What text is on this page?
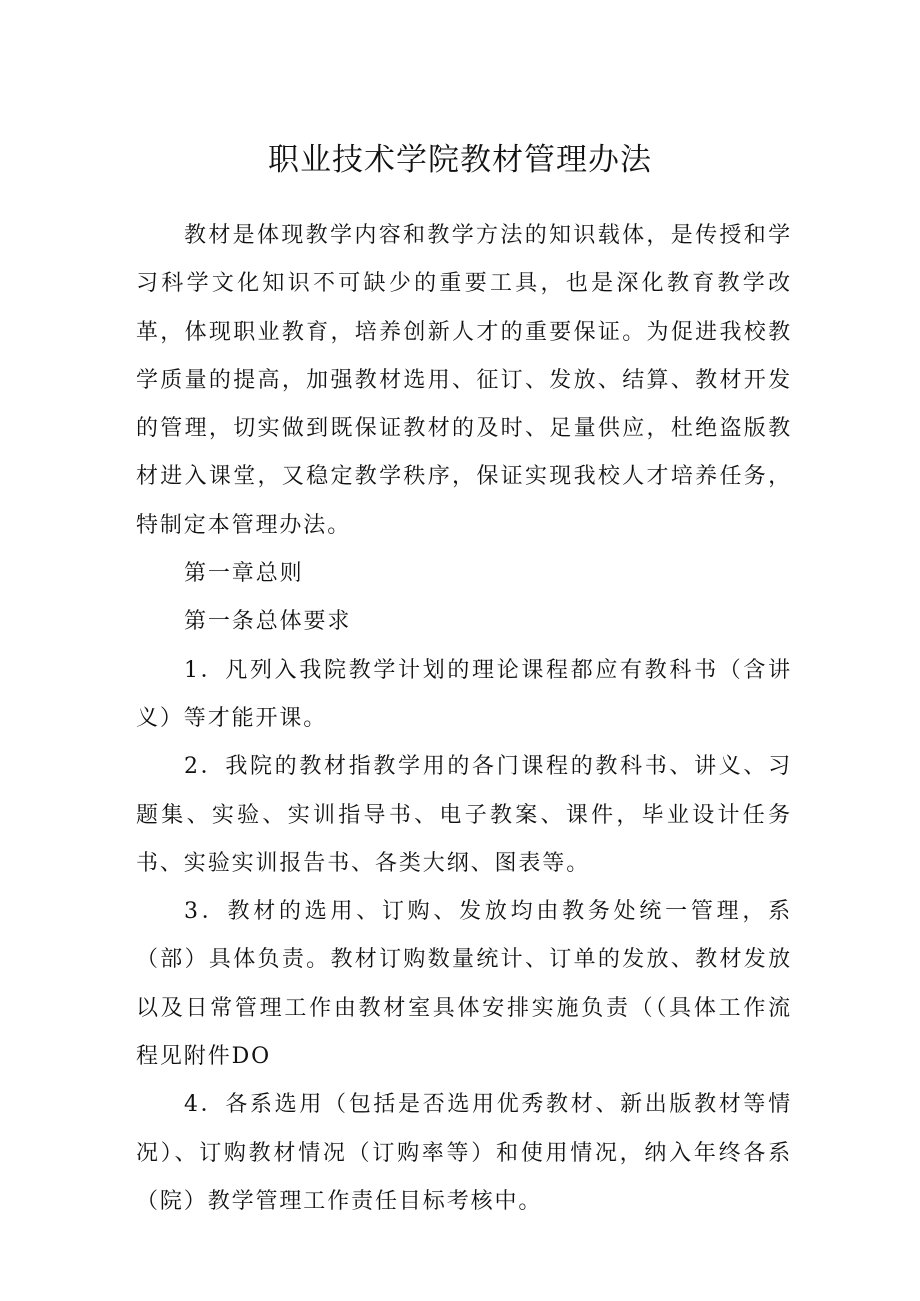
职业技术学院教材管理办法

教材是体现教学内容和教学方法的知识载体，是传授和学习科学文化知识不可缺少的重要工具，也是深化教育教学改革，体现职业教育，培养创新人才的重要保证。为促进我校教学质量的提高，加强教材选用、征订、发放、结算、教材开发的管理，切实做到既保证教材的及时、足量供应，杜绝盗版教材进入课堂，又稳定教学秩序，保证实现我校人才培养任务，特制定本管理办法。

第一章总则

第一条总体要求

1．凡列入我院教学计划的理论课程都应有教科书（含讲义）等才能开课。

2．我院的教材指教学用的各门课程的教科书、讲义、习题集、实验、实训指导书、电子教案、课件，毕业设计任务书、实验实训报告书、各类大纲、图表等。

3．教材的选用、订购、发放均由教务处统一管理，系（部）具体负责。教材订购数量统计、订单的发放、教材发放以及日常管理工作由教材室具体安排实施负责（（具体工作流程见附件DO

4．各系选用（包括是否选用优秀教材、新出版教材等情况）、订购教材情况（订购率等）和使用情况，纳入年终各系（院）教学管理工作责任目标考核中。
